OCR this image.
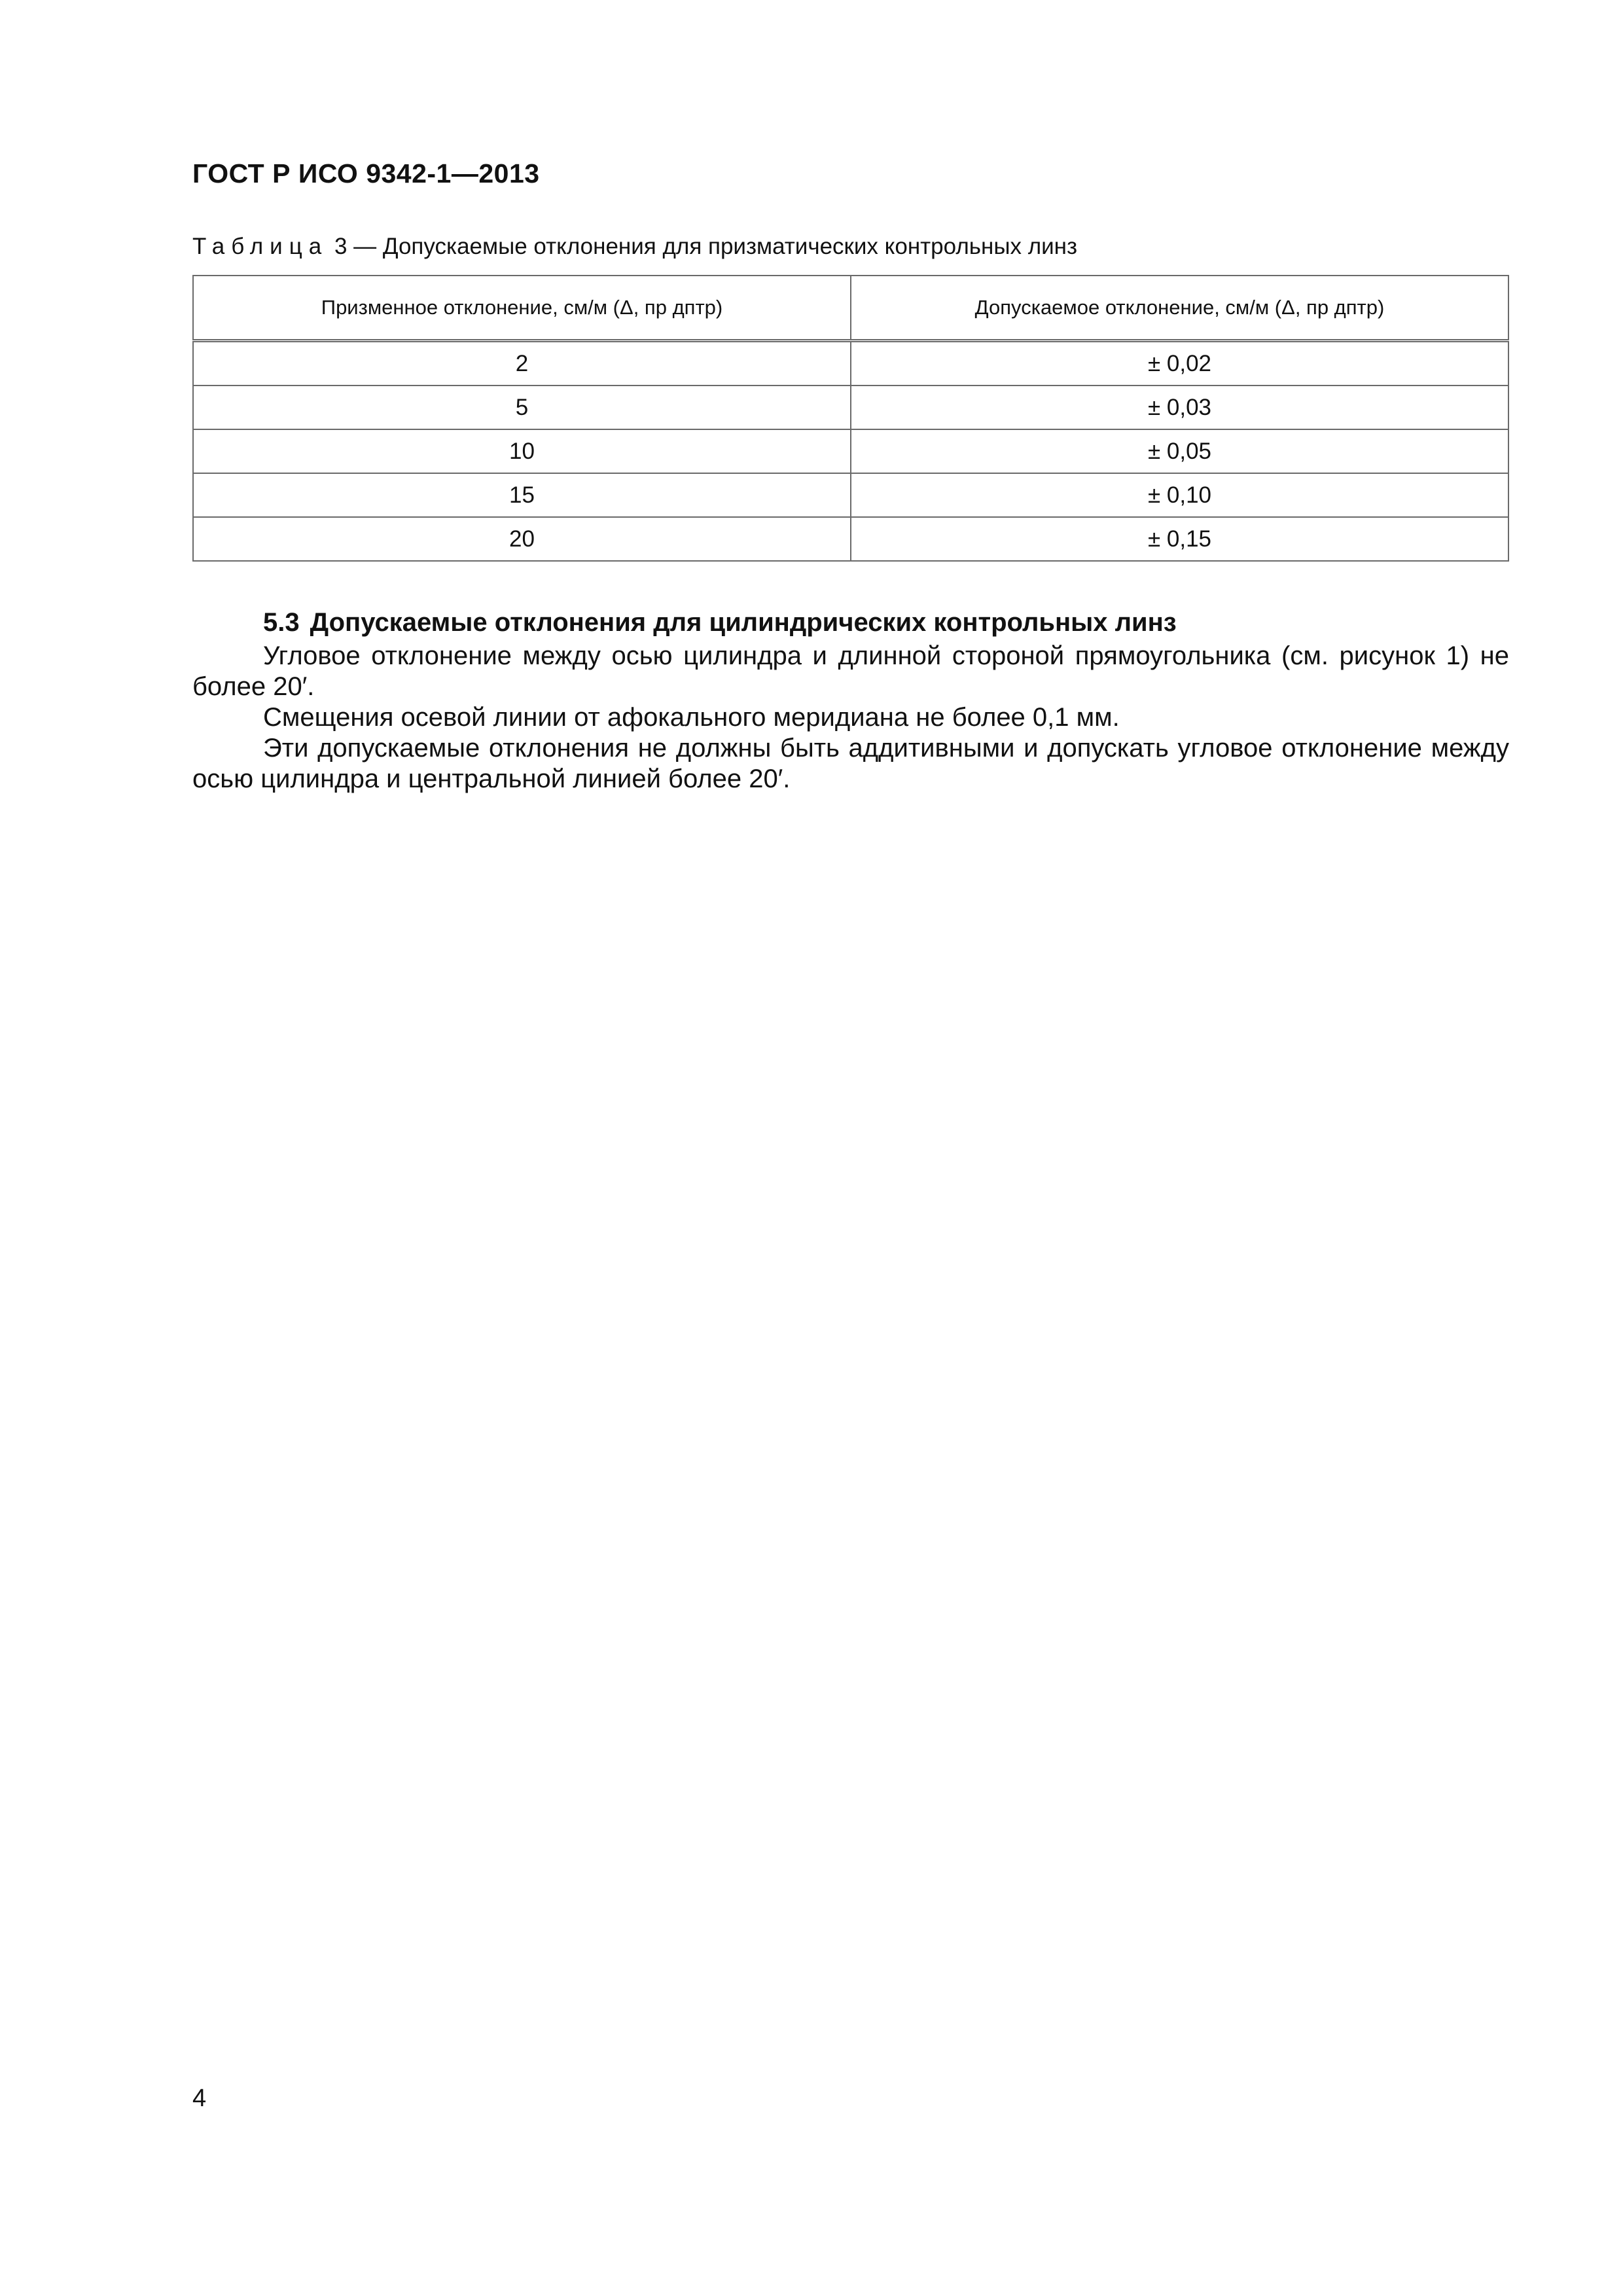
ГОСТ Р ИСО 9342-1—2013
Таблица 3 — Допускаемые отклонения для призматических контрольных линз
Призменное отклонение, см/м (Δ, пр дптр)	Допускаемое отклонение, см/м (Δ, пр дптр)
2	± 0,02
5	± 0,03
10	± 0,05
15	± 0,10
20	± 0,15
5.3 Допускаемые отклонения для цилиндрических контрольных линз

Угловое отклонение между осью цилиндра и длинной стороной прямоугольника (см. рисунок 1) не более 20′.

Смещения осевой линии от афокального меридиана не более 0,1 мм.

Эти допускаемые отклонения не должны быть аддитивными и допускать угловое отклонение между осью цилиндра и центральной линией более 20′.

4
